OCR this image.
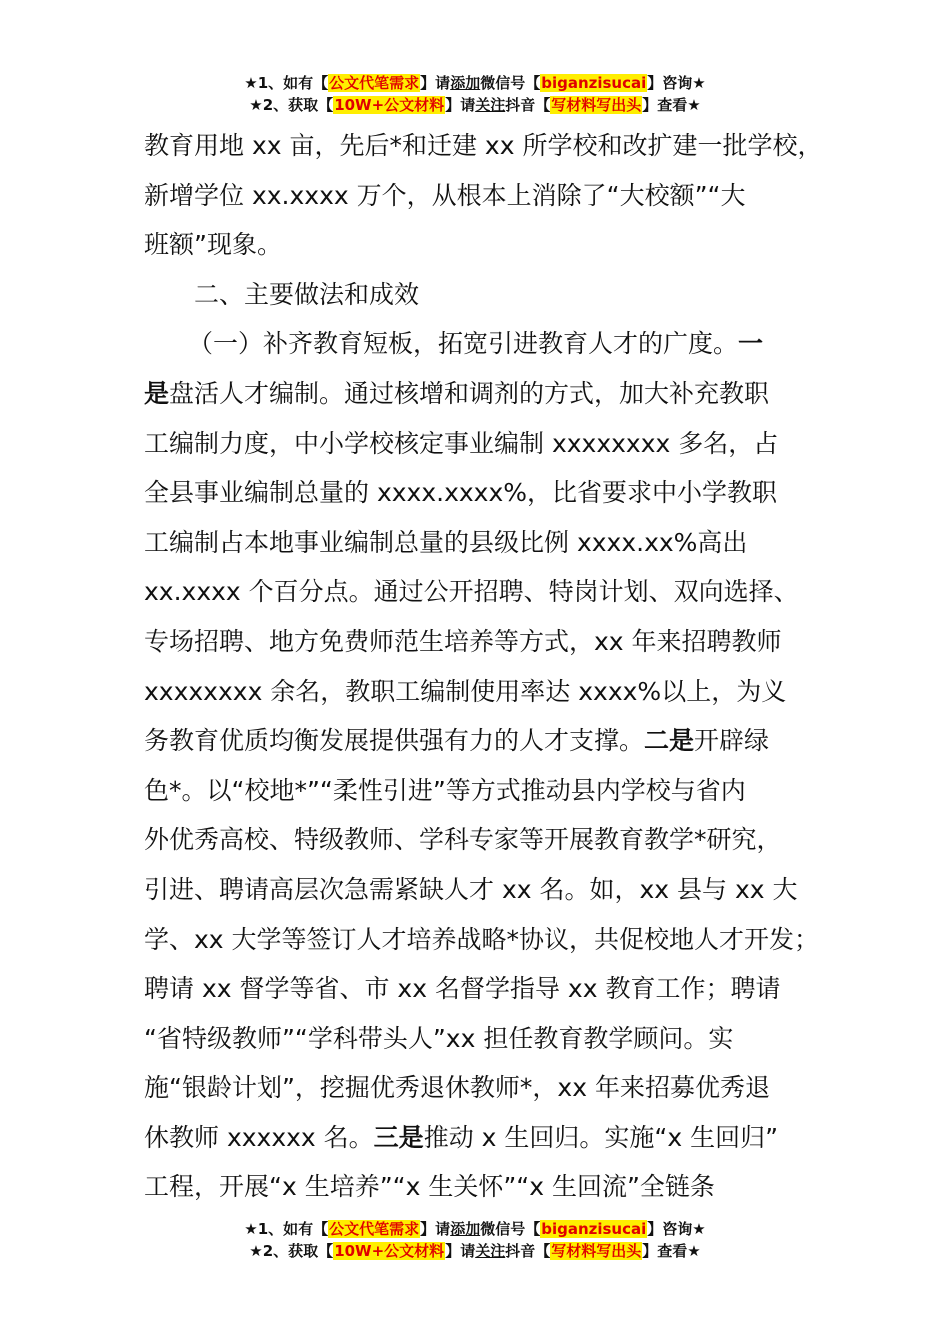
★1、如有【公文代笔需求】请添加微信号【biganzisucai】咨询★
★2、获取【10W+公文材料】请关注抖音【写材料写出头】查看★
教育用地 xx 亩，先后*和迁建 xx 所学校和改扩建一批学校，
新增学位 xx.xxxx 万个，从根本上消除了“大校额”“大
班额”现象。
二、主要做法和成效
（一）补齐教育短板，拓宽引进教育人才的广度。一
是盘活人才编制。通过核增和调剂的方式，加大补充教职
工编制力度，中小学校核定事业编制 xxxxxxxx 多名，占
全县事业编制总量的 xxxx.xxxx%，比省要求中小学教职
工编制占本地事业编制总量的县级比例 xxxx.xx%高出
xx.xxxx 个百分点。通过公开招聘、特岗计划、双向选择、
专场招聘、地方免费师范生培养等方式，xx 年来招聘教师
xxxxxxxx 余名，教职工编制使用率达 xxxx%以上，为义
务教育优质均衡发展提供强有力的人才支撑。二是开辟绿
色*。以“校地*”“柔性引进”等方式推动县内学校与省内
外优秀高校、特级教师、学科专家等开展教育教学*研究，
引进、聘请高层次急需紧缺人才 xx 名。如，xx 县与 xx 大
学、xx 大学等签订人才培养战略*协议，共促校地人才开发；
聘请 xx 督学等省、市 xx 名督学指导 xx 教育工作；聘请
“省特级教师”“学科带头人”xx 担任教育教学顾问。实
施“银龄计划”，挖掘优秀退休教师*，xx 年来招募优秀退
休教师 xxxxxx 名。三是推动 x 生回归。实施“x 生回归”
工程，开展“x 生培养”“x 生关怀”“x 生回流”全链条
★1、如有【公文代笔需求】请添加微信号【biganzisucai】咨询★
★2、获取【10W+公文材料】请关注抖音【写材料写出头】查看★
